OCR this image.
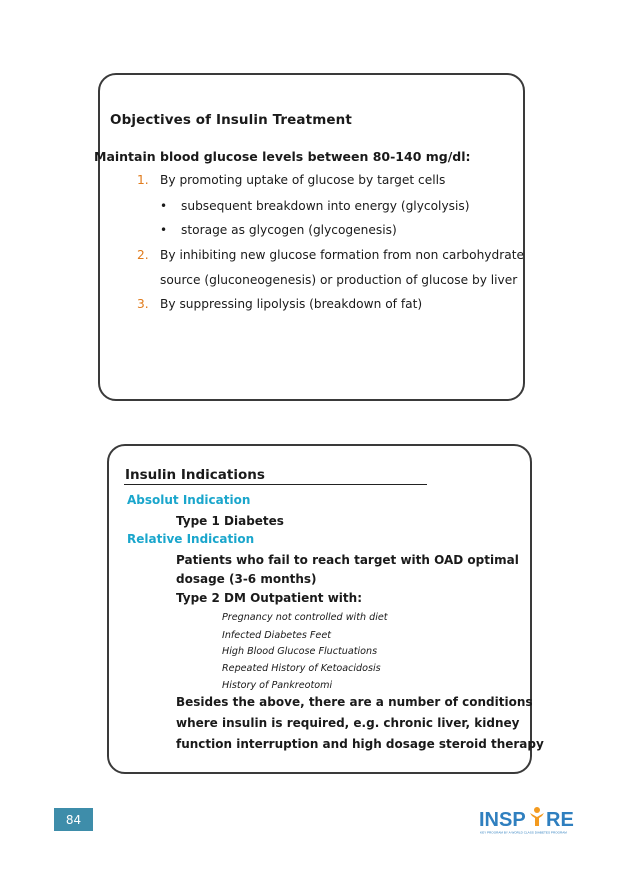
Objectives of Insulin Treatment
Maintain blood glucose levels between 80-140 mg/dl:
1. By promoting uptake of glucose by target cells
• subsequent breakdown into energy (glycolysis)
• storage as glycogen (glycogenesis)
2. By inhibiting new glucose formation from non carbohydrate
source (gluconeogenesis) or production of glucose by liver
3. By suppressing lipolysis (breakdown of fat)
Insulin Indications
Absolut Indication
Type 1 Diabetes
Relative Indication
Patients who fail to reach target with OAD optimal
dosage (3-6 months)
Type 2 DM Outpatient with:
Pregnancy not controlled with diet
Infected Diabetes Feet
High Blood Glucose Fluctuations
Repeated History of Ketoacidosis
History of Pankreotomi
Besides the above, there are a number of conditions
where insulin is required, e.g. chronic liver, kidney
function interruption and high dosage steroid therapy
84	INSP RE
KEY PROGRAM BY A WORLD CLASS DIABETES PROGRAM
